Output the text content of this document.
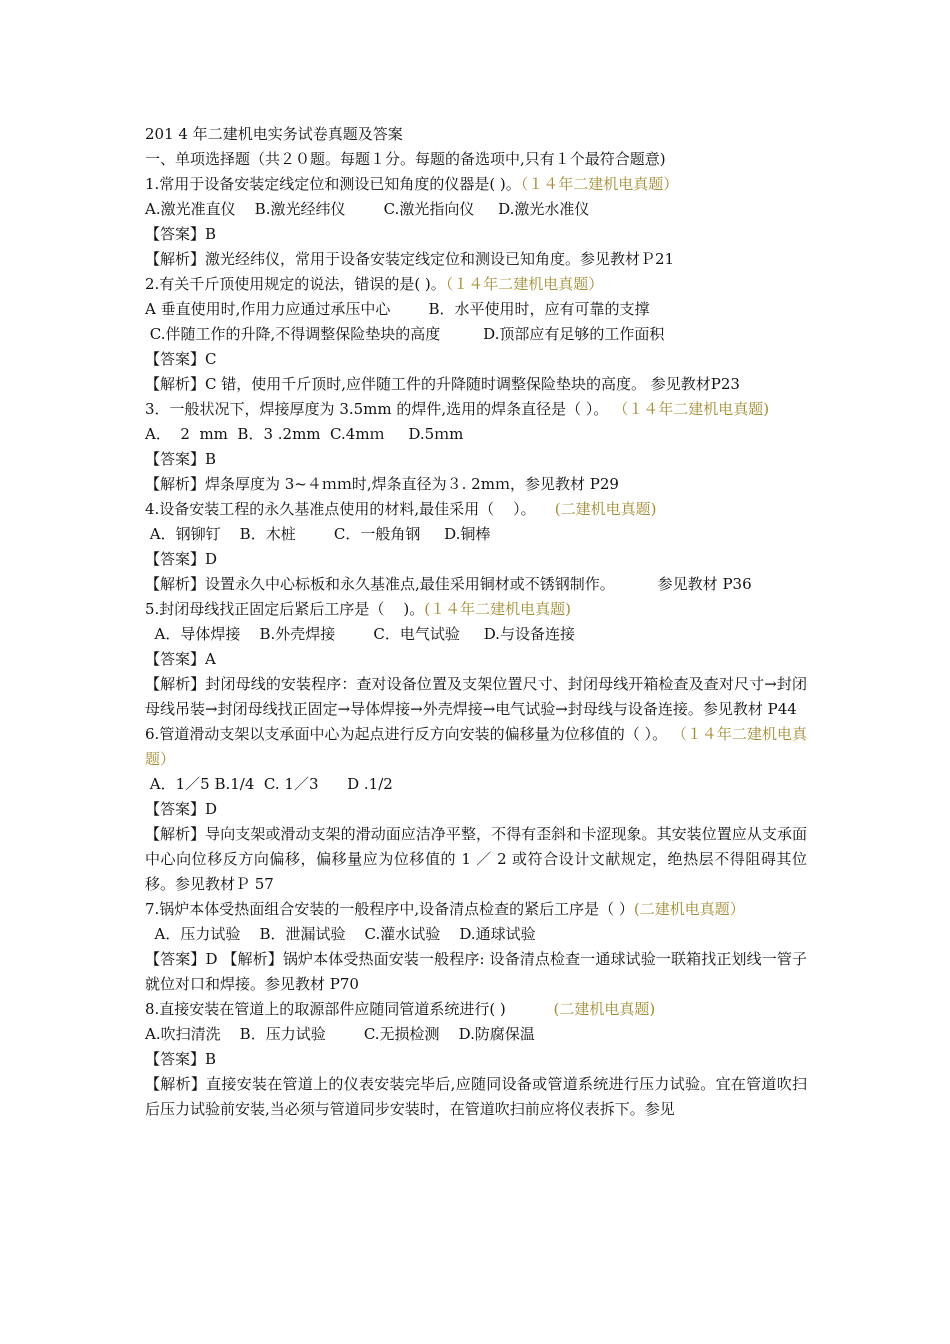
201 4 年二建机电实务试卷真题及答案

一、单项选择题（共２０题。每题１分。每题的备选项中,只有１个最符合题意)

1.常用于设备安装定线定位和测设已知角度的仪器是( )。（１４年二建机电真题）

A.激光准直仪    B.激光经纬仪        C.激光指向仪     D.激光水准仪

【答案】B

【解析】激光经纬仪，常用于设备安装定线定位和测设已知角度。参见教材Ｐ21

2.有关千斤顶使用规定的说法，错误的是( )。（１４年二建机电真题）

A 垂直使用时,作用力应通过承压中心        B．水平使用时，应有可靠的支撑

C.伴随工作的升降,不得调整保险垫块的高度         D.顶部应有足够的工作面积

【答案】C

【解析】C 错，使用千斤顶时,应伴随工件的升降随时调整保险垫块的高度。 参见教材P23

3．一般状况下，焊接厚度为 3.5mm 的焊件,选用的焊条直径是（ ）。 （１４年二建机电真题)

A．  2  mm  B．3 .2mm  C.4mｍ     D.5ｍm

【答案】B

【解析】焊条厚度为 3~４ｍｍ时,焊条直径为３. 2mｍ，参见教材 P29

4.设备安装工程的永久基准点使用的材料,最佳采用（    ）。    (二建机电真题)

A．钢铆钉    B．木桩        C．一般角钢     D.铜棒

【答案】D

【解析】设置永久中心标板和永久基准点,最佳采用铜材或不锈钢制作。         参见教材 P36

5.封闭母线找正固定后紧后工序是（    )。(１４年二建机电真题)

A．导体焊接    B.外壳焊接        C．电气试验     D.与设备连接

【答案】A

【解析】封闭母线的安装程序：查对设备位置及支架位置尺寸、封闭母线开箱检查及查对尺寸→封闭母线吊装→封闭母线找正固定→导体焊接→外壳焊接→电气试验→封母线与设备连接。参见教材 P44

6.管道滑动支架以支承面中心为起点进行反方向安装的偏移量为位移值的（ ）。 （１４年二建机电真题）

A．1／5 B.1/4  C. 1／3      D .1/2

【答案】D

【解析】导向支架或滑动支架的滑动面应洁净平整，不得有歪斜和卡涩现象。其安装位置应从支承面中心向位移反方向偏移，偏移量应为位移值的 1 ／ 2 或符合设计文献规定，绝热层不得阻碍其位移。参见教材Ｐ 57

7.锅炉本体受热面组合安装的一般程序中,设备清点检查的紧后工序是（ ）(二建机电真题）

A．压力试验    B．泄漏试验    C.灌水试验    D.通球试验

【答案】D 【解析】锅炉本体受热面安装一般程序: 设备清点检查一通球试验一联箱找正划线一管子就位对口和焊接。参见教材 P70

8.直接安装在管道上的取源部件应随同管道系统进行( )          (二建机电真题)

A.吹扫清洗    B．压力试验        C.无损检测    D.防腐保温

【答案】B

【解析】直接安装在管道上的仪表安装完毕后,应随同设备或管道系统进行压力试验。宜在管道吹扫后压力试验前安装,当必须与管道同步安装时，在管道吹扫前应将仪表拆下。参见
